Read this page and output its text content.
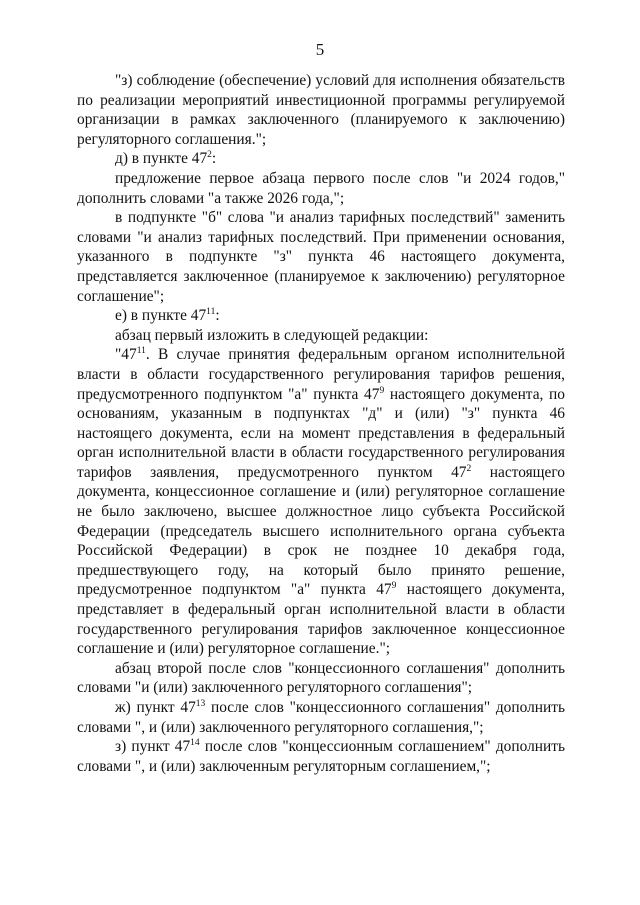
5

"з) соблюдение (обеспечение) условий для исполнения обязательств по реализации мероприятий инвестиционной программы регулируемой организации в рамках заключенного (планируемого к заключению) регуляторного соглашения.";

д) в пункте $47^2$:

предложение первое абзаца первого после слов "и 2024 годов," дополнить словами "а также 2026 года,";

в подпункте "б" слова "и анализ тарифных последствий" заменить словами "и анализ тарифных последствий. При применении основания, указанного в подпункте "з" пункта 46 настоящего документа, представляется заключенное (планируемое к заключению) регуляторное соглашение";

е) в пункте $47^{11}$:

абзац первый изложить в следующей редакции:

"$47^{11}$. В случае принятия федеральным органом исполнительной власти в области государственного регулирования тарифов решения, предусмотренного подпунктом "а" пункта $47^9$ настоящего документа, по основаниям, указанным в подпунктах "д" и (или) "з" пункта 46 настоящего документа, если на момент представления в федеральный орган исполнительной власти в области государственного регулирования тарифов заявления, предусмотренного пунктом $47^2$ настоящего документа, концессионное соглашение и (или) регуляторное соглашение не было заключено, высшее должностное лицо субъекта Российской Федерации (председатель высшего исполнительного органа субъекта Российской Федерации) в срок не позднее 10 декабря года, предшествующего году, на который было принято решение, предусмотренное подпунктом "а" пункта $47^9$ настоящего документа, представляет в федеральный орган исполнительной власти в области государственного регулирования тарифов заключенное концессионное соглашение и (или) регуляторное соглашение.";

абзац второй после слов "концессионного соглашения" дополнить словами "и (или) заключенного регуляторного соглашения";

ж) пункт $47^{13}$ после слов "концессионного соглашения" дополнить словами ", и (или) заключенного регуляторного соглашения,";

з) пункт $47^{14}$ после слов "концессионным соглашением" дополнить словами ", и (или) заключенным регуляторным соглашением,";
